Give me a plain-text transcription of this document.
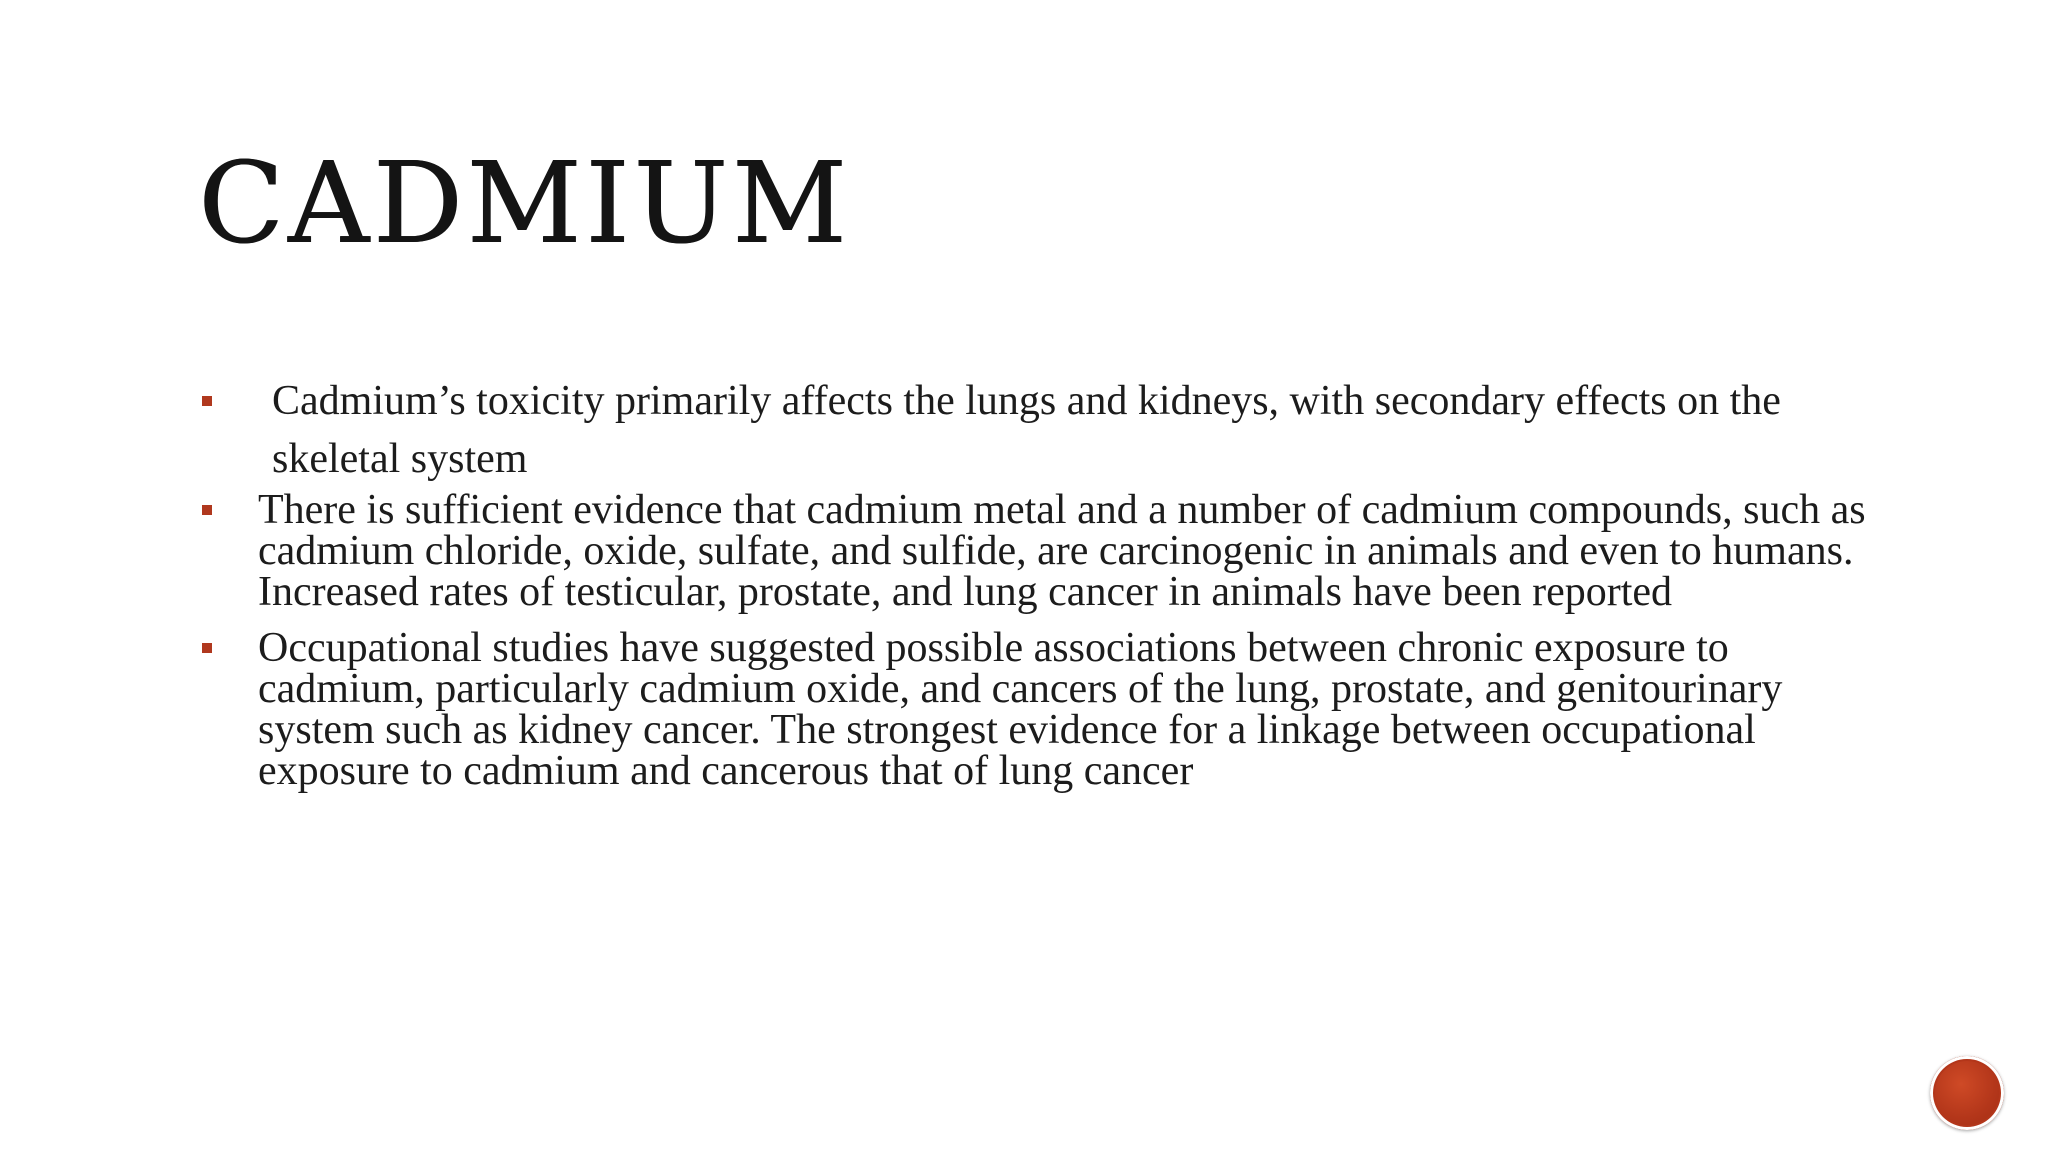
CADMIUM
Cadmium’s toxicity primarily affects the lungs and kidneys, with secondary effects on the skeletal system
There is sufficient evidence that cadmium metal and a number of cadmium compounds, such as cadmium chloride, oxide, sulfate, and sulfide, are carcinogenic in animals and even to humans. Increased rates of testicular, prostate, and lung cancer in animals have been reported
Occupational studies have suggested possible associations between chronic exposure to cadmium, particularly cadmium oxide, and cancers of the lung, prostate, and genitourinary system such as kidney cancer. The strongest evidence for a linkage between occupational exposure to cadmium and cancerous that of lung cancer
